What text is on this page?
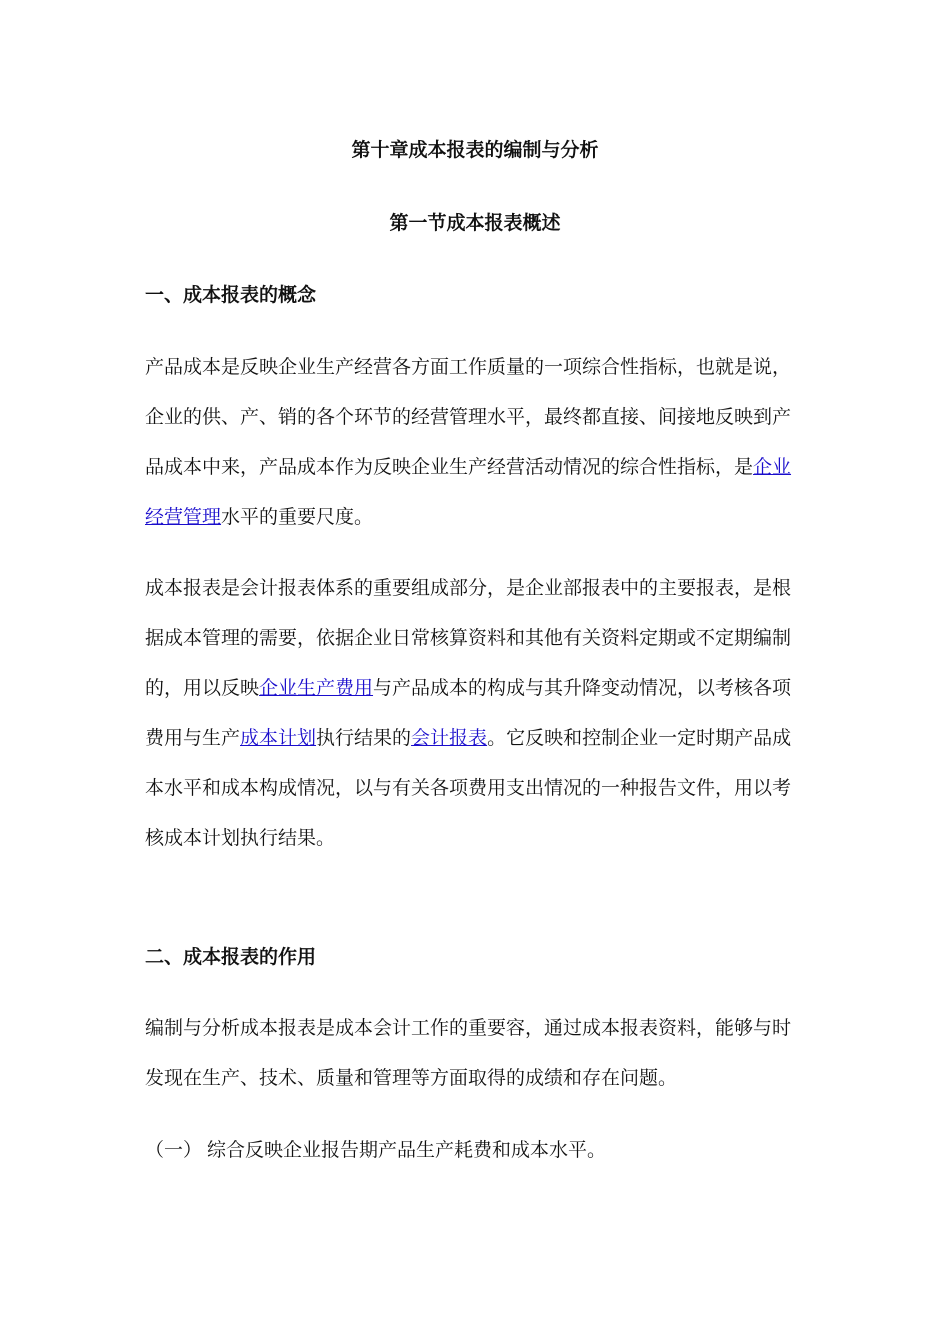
第十章成本报表的编制与分析
第一节成本报表概述
一、成本报表的概念
产品成本是反映企业生产经营各方面工作质量的一项综合性指标，也就是说，
企业的供、产、销的各个环节的经营管理水平，最终都直接、间接地反映到产
品成本中来，产品成本作为反映企业生产经营活动情况的综合性指标，是企业
经营管理水平的重要尺度。
成本报表是会计报表体系的重要组成部分，是企业部报表中的主要报表，是根
据成本管理的需要，依据企业日常核算资料和其他有关资料定期或不定期编制
的，用以反映企业生产费用与产品成本的构成与其升降变动情况，以考核各项
费用与生产成本计划执行结果的会计报表。它反映和控制企业一定时期产品成
本水平和成本构成情况，以与有关各项费用支出情况的一种报告文件，用以考
核成本计划执行结果。
二、成本报表的作用
编制与分析成本报表是成本会计工作的重要容，通过成本报表资料，能够与时
发现在生产、技术、质量和管理等方面取得的成绩和存在问题。

（一） 综合反映企业报告期产品生产耗费和成本水平。
